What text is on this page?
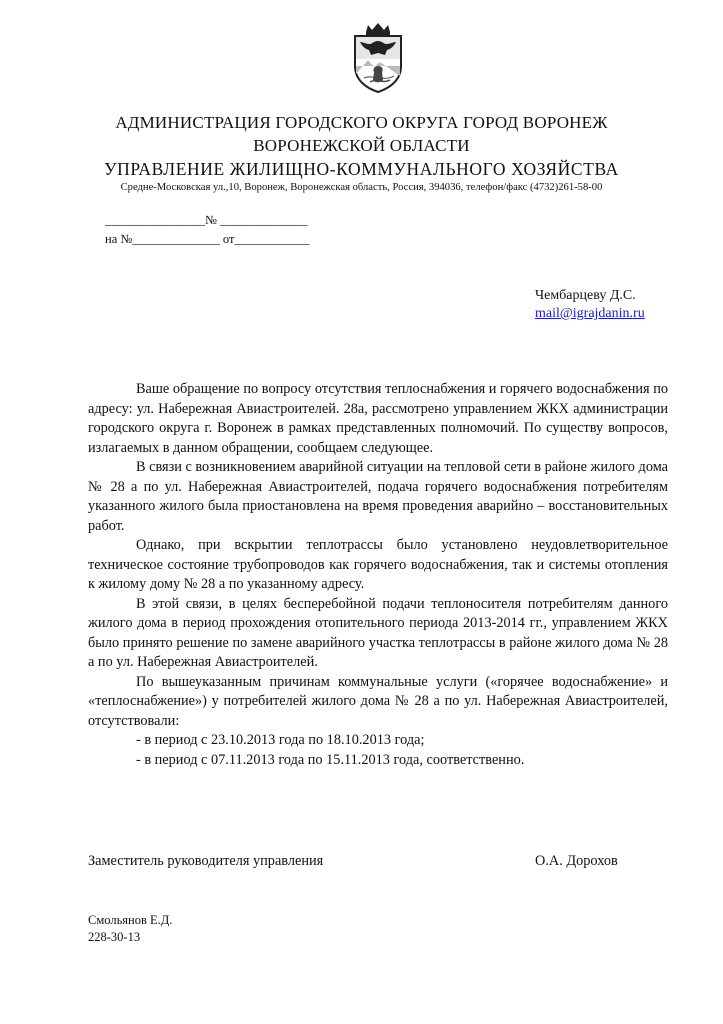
АДМИНИСТРАЦИЯ ГОРОДСКОГО ОКРУГА ГОРОД ВОРОНЕЖ
ВОРОНЕЖСКОЙ ОБЛАСТИ
УПРАВЛЕНИЕ ЖИЛИЩНО-КОММУНАЛЬНОГО ХОЗЯЙСТВА
Средне-Московская ул.,10, Воронеж, Воронежская область, Россия, 394036, телефон/факс (4732)261-58-00
________________№ ______________
на №______________ от____________
Чембарцеву Д.С.
mail@igrajdanin.ru

Ваше обращение по вопросу отсутствия теплоснабжения и горячего водоснабжения по адресу: ул. Набережная Авиастроителей. 28а, рассмотрено управлением ЖКХ администрации городского округа г. Воронеж в рамках представленных полномочий. По существу вопросов, излагаемых в данном обращении, сообщаем следующее.

В связи с возникновением аварийной ситуации на тепловой сети в районе жилого дома № 28 а по ул. Набережная Авиастроителей, подача горячего водоснабжения потребителям указанного жилого была приостановлена на время проведения аварийно – восстановительных работ.

Однако, при вскрытии теплотрассы было установлено неудовлетворительное техническое состояние трубопроводов как горячего водоснабжения, так и системы отопления к жилому дому № 28 а по указанному адресу.

В этой связи, в целях бесперебойной подачи теплоносителя потребителям данного жилого дома в период прохождения отопительного периода 2013-2014 гг., управлением ЖКХ было принято решение по замене аварийного участка теплотрассы в районе жилого дома № 28 а по ул. Набережная Авиастроителей.

По вышеуказанным причинам коммунальные услуги («горячее водоснабжение» и «теплоснабжение») у потребителей жилого дома № 28 а по ул. Набережная Авиастроителей, отсутствовали:

- в период с 23.10.2013 года по 18.10.2013 года;
- в период с 07.11.2013 года по 15.11.2013 года, соответственно.
Заместитель руководителя управления	О.А. Дорохов
Смольянов Е.Д.
228-30-13
